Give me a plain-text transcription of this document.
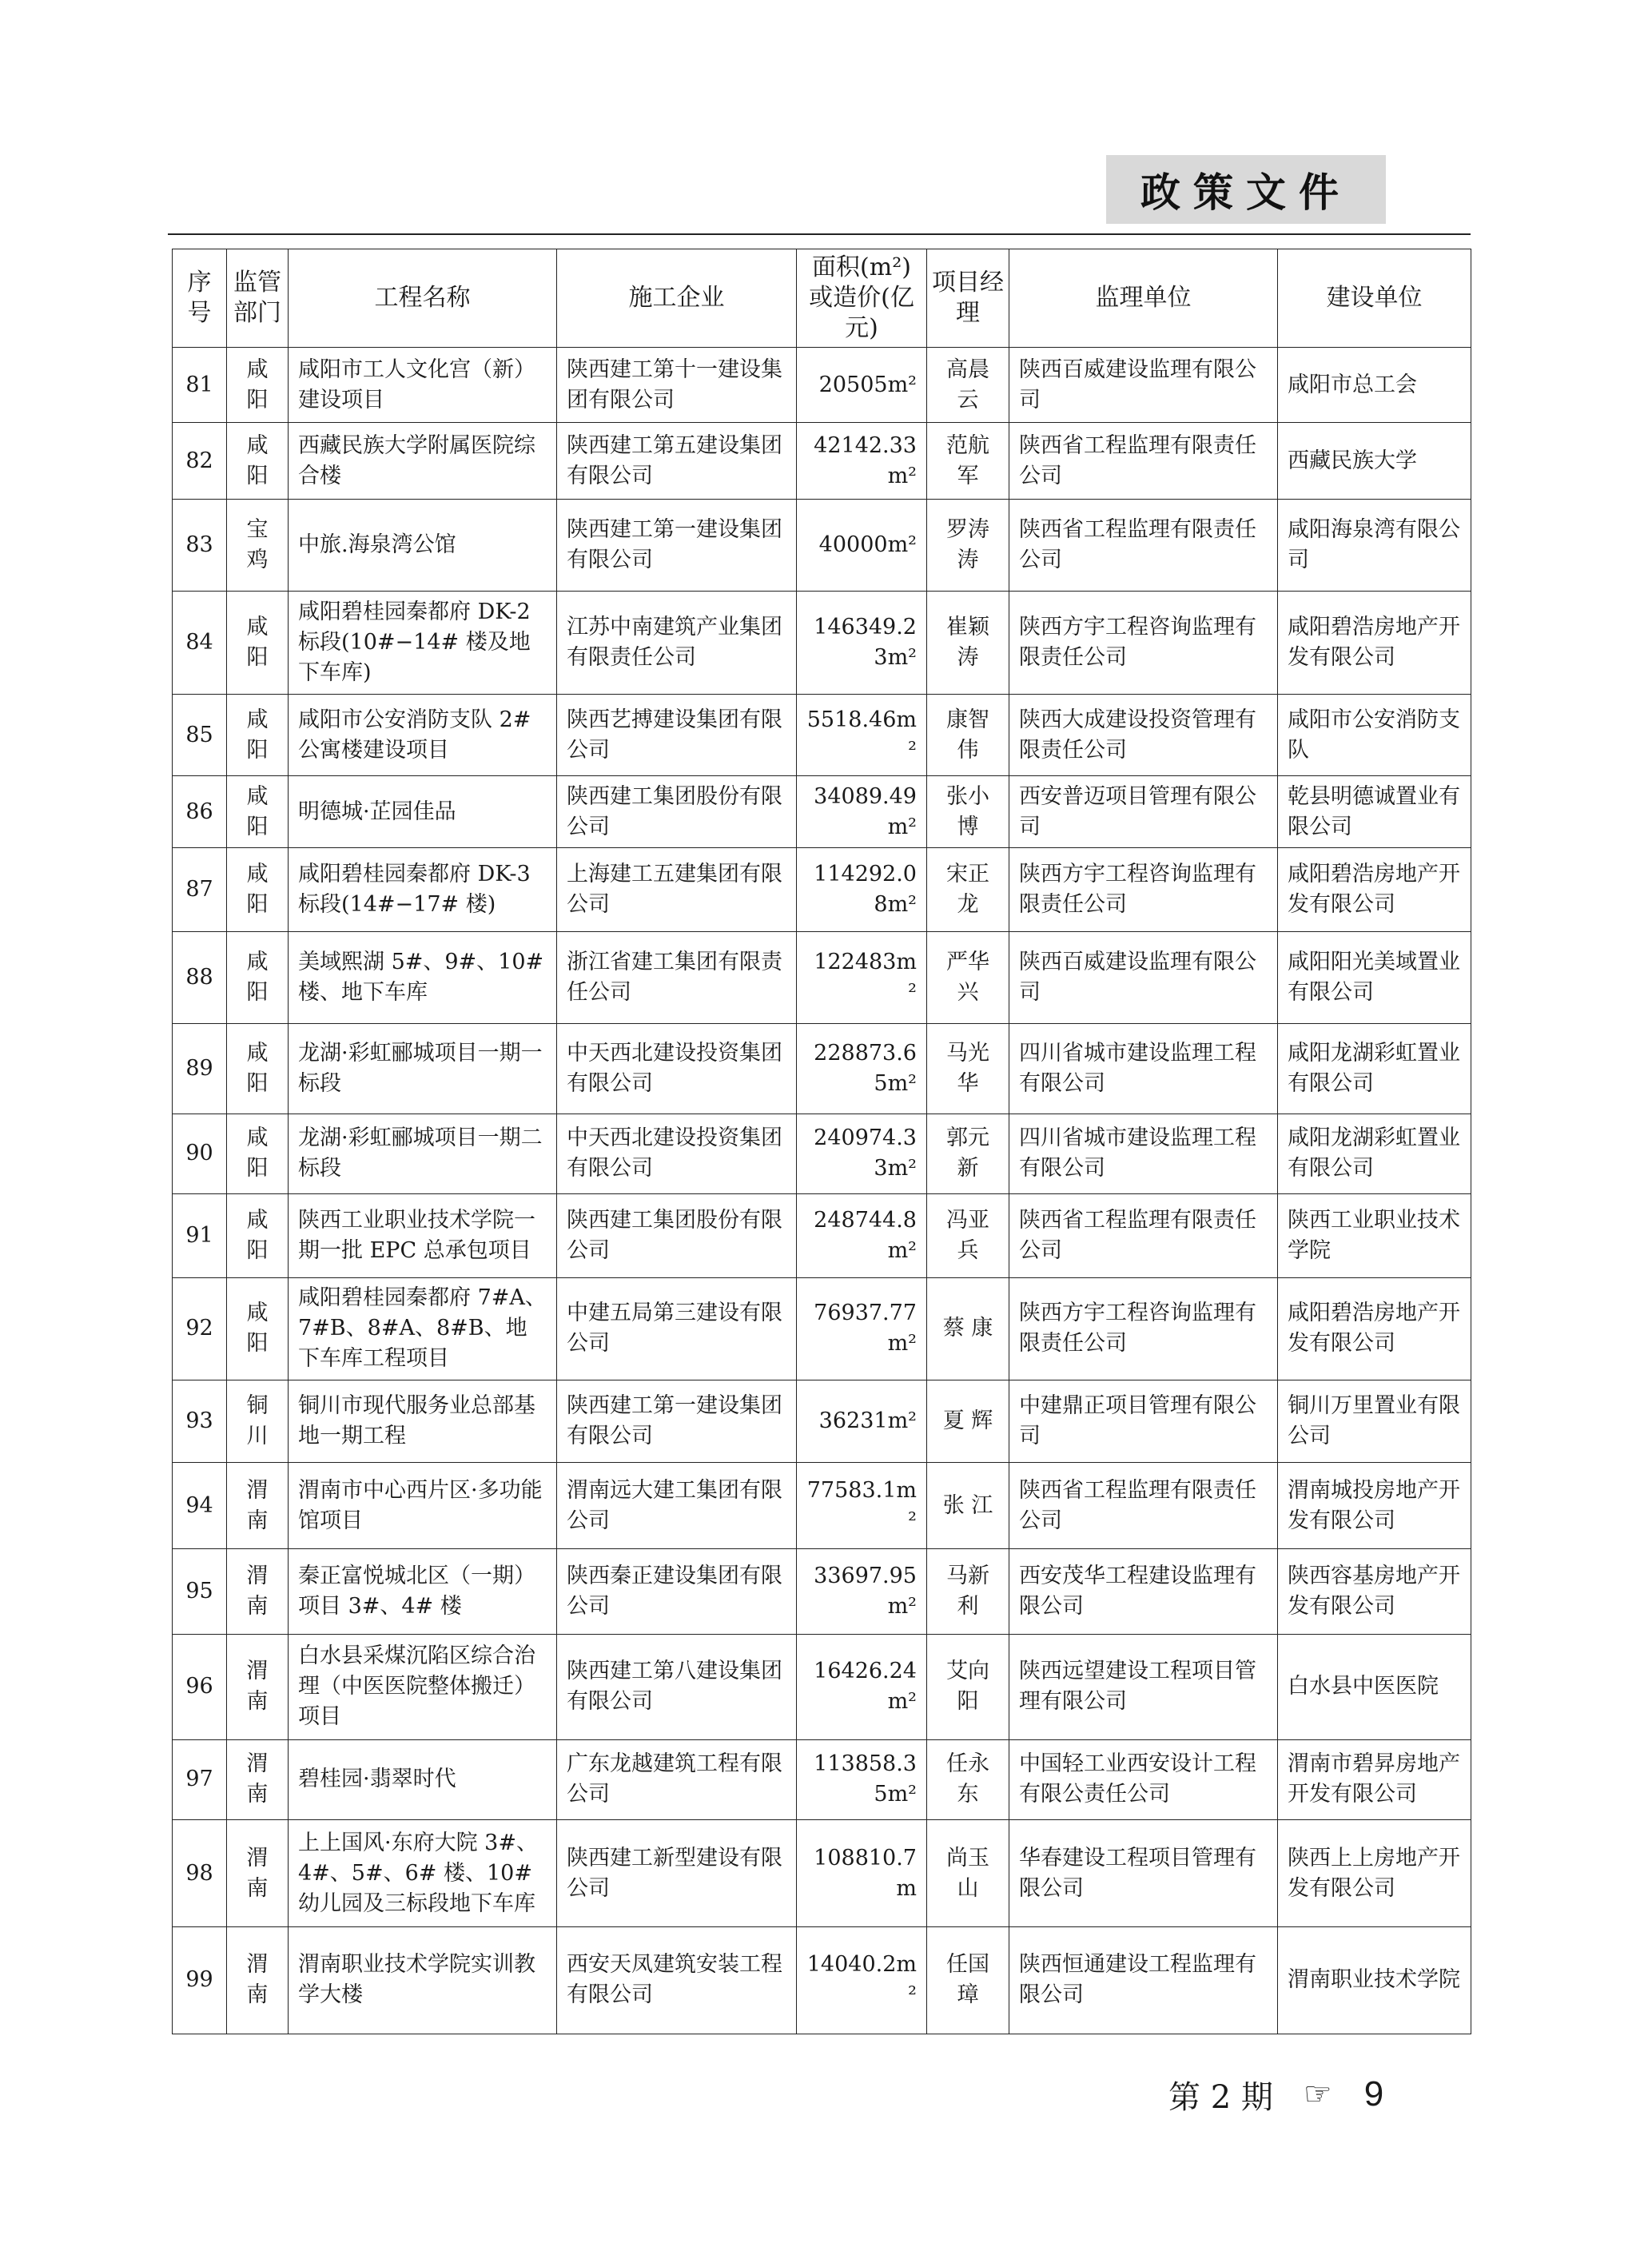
政策文件
序号	监管部门	工程名称	施工企业	面积(m²)或造价(亿元)	项目经理	监理单位	建设单位
81	咸阳	咸阳市工人文化宫（新）建设项目	陕西建工第十一建设集团有限公司	20505m²	高晨云	陕西百威建设监理有限公司	咸阳市总工会
82	咸阳	西藏民族大学附属医院综合楼	陕西建工第五建设集团有限公司	42142.33m²	范航军	陕西省工程监理有限责任公司	西藏民族大学
83	宝鸡	中旅.海泉湾公馆	陕西建工第一建设集团有限公司	40000m²	罗涛涛	陕西省工程监理有限责任公司	咸阳海泉湾有限公司
84	咸阳	咸阳碧桂园秦都府 DK-2 标段(10#−14# 楼及地下车库)	江苏中南建筑产业集团有限责任公司	146349.23m²	崔颖涛	陕西方宇工程咨询监理有限责任公司	咸阳碧浩房地产开发有限公司
85	咸阳	咸阳市公安消防支队 2# 公寓楼建设项目	陕西艺搏建设集团有限公司	5518.46m²	康智伟	陕西大成建设投资管理有限责任公司	咸阳市公安消防支队
86	咸阳	明德城·芷园佳品	陕西建工集团股份有限公司	34089.49m²	张小博	西安普迈项目管理有限公司	乾县明德诚置业有限公司
87	咸阳	咸阳碧桂园秦都府 DK-3 标段(14#−17# 楼)	上海建工五建集团有限公司	114292.08m²	宋正龙	陕西方宇工程咨询监理有限责任公司	咸阳碧浩房地产开发有限公司
88	咸阳	美域熙湖 5#、9#、10# 楼、地下车库	浙江省建工集团有限责任公司	122483m²	严华兴	陕西百威建设监理有限公司	咸阳阳光美域置业有限公司
89	咸阳	龙湖·彩虹郦城项目一期一标段	中天西北建设投资集团有限公司	228873.65m²	马光华	四川省城市建设监理工程有限公司	咸阳龙湖彩虹置业有限公司
90	咸阳	龙湖·彩虹郦城项目一期二标段	中天西北建设投资集团有限公司	240974.33m²	郭元新	四川省城市建设监理工程有限公司	咸阳龙湖彩虹置业有限公司
91	咸阳	陕西工业职业技术学院一期一批 EPC 总承包项目	陕西建工集团股份有限公司	248744.8m²	冯亚兵	陕西省工程监理有限责任公司	陕西工业职业技术学院
92	咸阳	咸阳碧桂园秦都府 7#A、7#B、8#A、8#B、地下车库工程项目	中建五局第三建设有限公司	76937.77m²	蔡 康	陕西方宇工程咨询监理有限责任公司	咸阳碧浩房地产开发有限公司
93	铜川	铜川市现代服务业总部基地一期工程	陕西建工第一建设集团有限公司	36231m²	夏 辉	中建鼎正项目管理有限公司	铜川万里置业有限公司
94	渭南	渭南市中心西片区·多功能馆项目	渭南远大建工集团有限公司	77583.1m²	张 江	陕西省工程监理有限责任公司	渭南城投房地产开发有限公司
95	渭南	秦正富悦城北区（一期）项目 3#、4# 楼	陕西秦正建设集团有限公司	33697.95m²	马新利	西安茂华工程建设监理有限公司	陕西容基房地产开发有限公司
96	渭南	白水县采煤沉陷区综合治理（中医医院整体搬迁）项目	陕西建工第八建设集团有限公司	16426.24m²	艾向阳	陕西远望建设工程项目管理有限公司	白水县中医医院
97	渭南	碧桂园·翡翠时代	广东龙越建筑工程有限公司	113858.35m²	任永东	中国轻工业西安设计工程有限公责任公司	渭南市碧昇房地产开发有限公司
98	渭南	上上国风·东府大院 3#、4#、5#、6# 楼、10# 幼儿园及三标段地下车库	陕西建工新型建设有限公司	108810.7m	尚玉山	华春建设工程项目管理有限公司	陕西上上房地产开发有限公司
99	渭南	渭南职业技术学院实训教学大楼	西安天凤建筑安装工程有限公司	14040.2m²	任国璋	陕西恒通建设工程监理有限公司	渭南职业技术学院
第 2 期 ☞ 9
